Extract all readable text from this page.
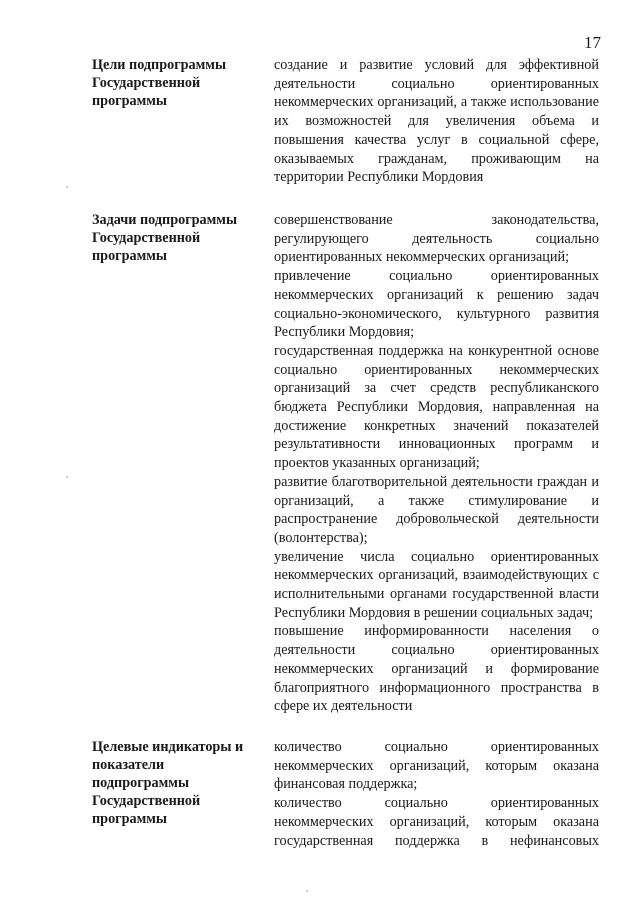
17
Цели подпрограммы Государственной программы

создание и развитие условий для эффективной деятельности социально ориентированных некоммерческих организаций, а также использование их возможностей для увеличения объема и повышения качества услуг в социальной сфере, оказываемых гражданам, проживающим на территории Республики Мордовия

Задачи подпрограммы Государственной программы

совершенствование законодательства, регулирующего деятельность социально ориентированных некоммерческих организаций;

привлечение социально ориентированных некоммерческих организаций к решению задач социально-экономического, культурного развития Республики Мордовия;

государственная поддержка на конкурентной основе социально ориентированных некоммерческих организаций за счет средств республиканского бюджета Республики Мордовия, направленная на достижение конкретных значений показателей результативности инновационных программ и проектов указанных организаций;

развитие благотворительной деятельности граждан и организаций, а также стимулирование и распространение добровольческой деятельности (волонтерства);

увеличение числа социально ориентированных некоммерческих организаций, взаимодействующих с исполнительными органами государственной власти Республики Мордовия в решении социальных задач;

повышение информированности населения о деятельности социально ориентированных некоммерческих организаций и формирование благоприятного информационного пространства в сфере их деятельности

Целевые индикаторы и показатели подпрограммы Государственной программы

количество социально ориентированных некоммерческих организаций, которым оказана финансовая поддержка;

количество социально ориентированных некоммерческих организаций, которым оказана государственная поддержка в нефинансовых
